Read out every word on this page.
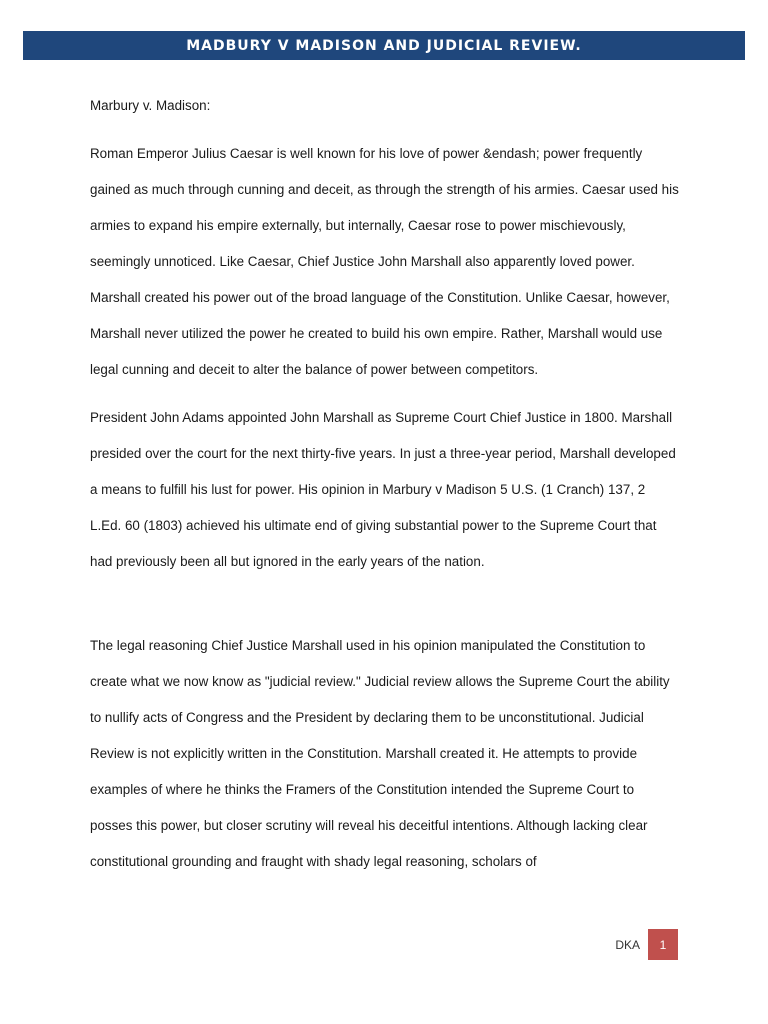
MADBURY V MADISON AND JUDICIAL REVIEW.

Marbury v. Madison:

Roman Emperor Julius Caesar is well known for his love of power &endash; power frequently gained as much through cunning and deceit, as through the strength of his armies. Caesar used his armies to expand his empire externally, but internally, Caesar rose to power mischievously, seemingly unnoticed. Like Caesar, Chief Justice John Marshall also apparently loved power. Marshall created his power out of the broad language of the Constitution. Unlike Caesar, however, Marshall never utilized the power he created to build his own empire. Rather, Marshall would use legal cunning and deceit to alter the balance of power between competitors.

President John Adams appointed John Marshall as Supreme Court Chief Justice in 1800. Marshall presided over the court for the next thirty-five years. In just a three-year period, Marshall developed a means to fulfill his lust for power. His opinion in Marbury v Madison 5 U.S. (1 Cranch) 137, 2 L.Ed. 60 (1803) achieved his ultimate end of giving substantial power to the Supreme Court that had previously been all but ignored in the early years of the nation.

The legal reasoning Chief Justice Marshall used in his opinion manipulated the Constitution to create what we now know as "judicial review." Judicial review allows the Supreme Court the ability to nullify acts of Congress and the President by declaring them to be unconstitutional. Judicial Review is not explicitly written in the Constitution. Marshall created it. He attempts to provide examples of where he thinks the Framers of the Constitution intended the Supreme Court to posses this power, but closer scrutiny will reveal his deceitful intentions. Although lacking clear constitutional grounding and fraught with shady legal reasoning, scholars of

DKA	1
